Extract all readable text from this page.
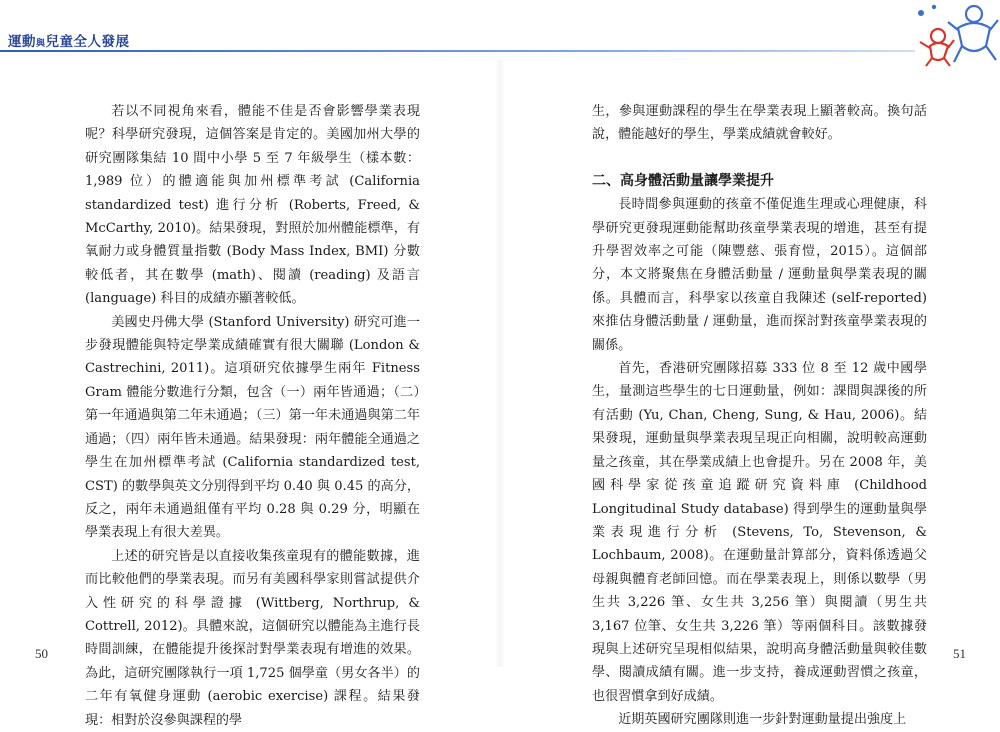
運動與兒童全人發展

若以不同視角來看，體能不佳是否會影響學業表現呢？科學研究發現，這個答案是肯定的。美國加州大學的研究團隊集結 10 間中小學 5 至 7 年級學生（樣本數：1,989 位）的體適能與加州標準考試 (California standardized test) 進行分析 (Roberts, Freed, & McCarthy, 2010)。結果發現，對照於加州體能標準，有氧耐力或身體質量指數 (Body Mass Index, BMI) 分數較低者，其在數學 (math)、閱讀 (reading) 及語言 (language) 科目的成績亦顯著較低。

美國史丹佛大學 (Stanford University) 研究可進一步發現體能與特定學業成績確實有很大關聯 (London & Castrechini, 2011)。這項研究依據學生兩年 Fitness Gram 體能分數進行分類，包含（一）兩年皆通過；（二）第一年通過與第二年未通過；（三）第一年未通過與第二年通過；（四）兩年皆未通過。結果發現：兩年體能全通過之學生在加州標準考試 (California standardized test, CST) 的數學與英文分別得到平均 0.40 與 0.45 的高分，反之，兩年未通過組僅有平均 0.28 與 0.29 分，明顯在學業表現上有很大差異。

上述的研究皆是以直接收集孩童現有的體能數據，進而比較他們的學業表現。而另有美國科學家則嘗試提供介入性研究的科學證據 (Wittberg, Northrup, & Cottrell, 2012)。具體來說，這個研究以體能為主進行長時間訓練，在體能提升後探討對學業表現有增進的效果。為此，這研究團隊執行一項 1,725 個學童（男女各半）的二年有氧健身運動 (aerobic exercise) 課程。結果發現：相對於沒參與課程的學

生，參與運動課程的學生在學業表現上顯著較高。換句話說，體能越好的學生，學業成績就會較好。

二、高身體活動量讓學業提升

長時間參與運動的孩童不僅促進生理或心理健康，科學研究更發現運動能幫助孩童學業表現的增進，甚至有提升學習效率之可能（陳豐慈、張育愷，2015）。這個部分，本文將聚焦在身體活動量 / 運動量與學業表現的關係。具體而言，科學家以孩童自我陳述 (self-reported) 來推估身體活動量 / 運動量，進而探討對孩童學業表現的關係。

首先，香港研究團隊招募 333 位 8 至 12 歲中國學生，量測這些學生的七日運動量，例如：課間與課後的所有活動 (Yu, Chan, Cheng, Sung, & Hau, 2006)。結果發現，運動量與學業表現呈現正向相關，說明較高運動量之孩童，其在學業成績上也會提升。另在 2008 年，美國科學家從孩童追蹤研究資料庫 (Childhood Longitudinal Study database) 得到學生的運動量與學業表現進行分析 (Stevens, To, Stevenson, & Lochbaum, 2008)。在運動量計算部分，資料係透過父母親與體育老師回憶。而在學業表現上，則係以數學（男生共 3,226 筆、女生共 3,256 筆）與閱讀（男生共 3,167 位筆、女生共 3,226 筆）等兩個科目。該數據發現與上述研究呈現相似結果，說明高身體活動量與較佳數學、閱讀成績有關。進一步支持，養成運動習慣之孩童，也很習慣拿到好成績。

近期英國研究團隊則進一步針對運動量提出強度上

50	51
